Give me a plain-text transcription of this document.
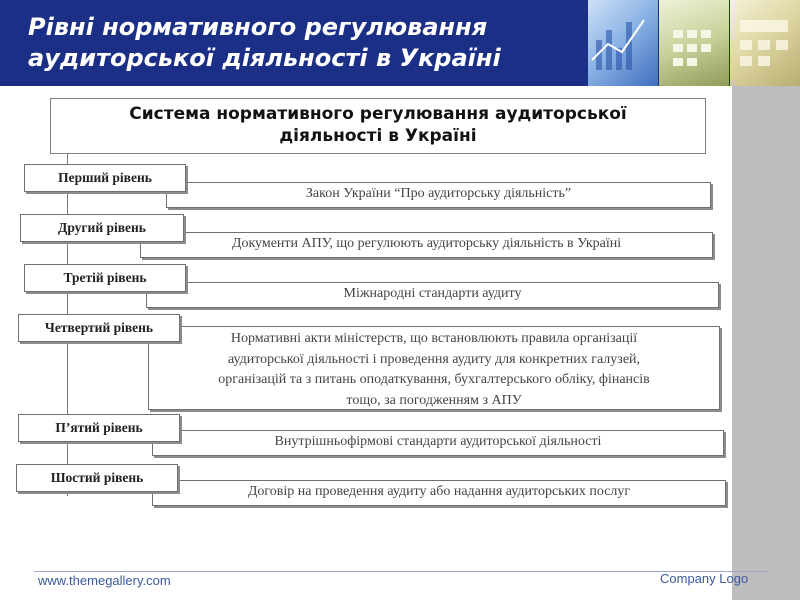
Рівні нормативного регулювання
аудиторської діяльності в Україні
Система нормативного регулювання аудиторської
діяльності в Україні
Закон України “Про аудиторську діяльність”
Перший рівень
Документи АПУ, що регулюють аудиторську діяльність в Україні
Другий рівень
Міжнародні стандарти аудиту
Третій рівень
Нормативні акти міністерств, що встановлюють правила організації
аудиторської діяльності і проведення аудиту для конкретних галузей,
організацій та з питань оподаткування, бухгалтерського обліку, фінансів
тощо, за погодженням з АПУ
Четвертий рівень
Внутрішньофірмові стандарти аудиторської діяльності
П’ятий рівень
Договір на проведення аудиту або надання аудиторських послуг
Шостий рівень
www.themegallery.com	Company Logo
